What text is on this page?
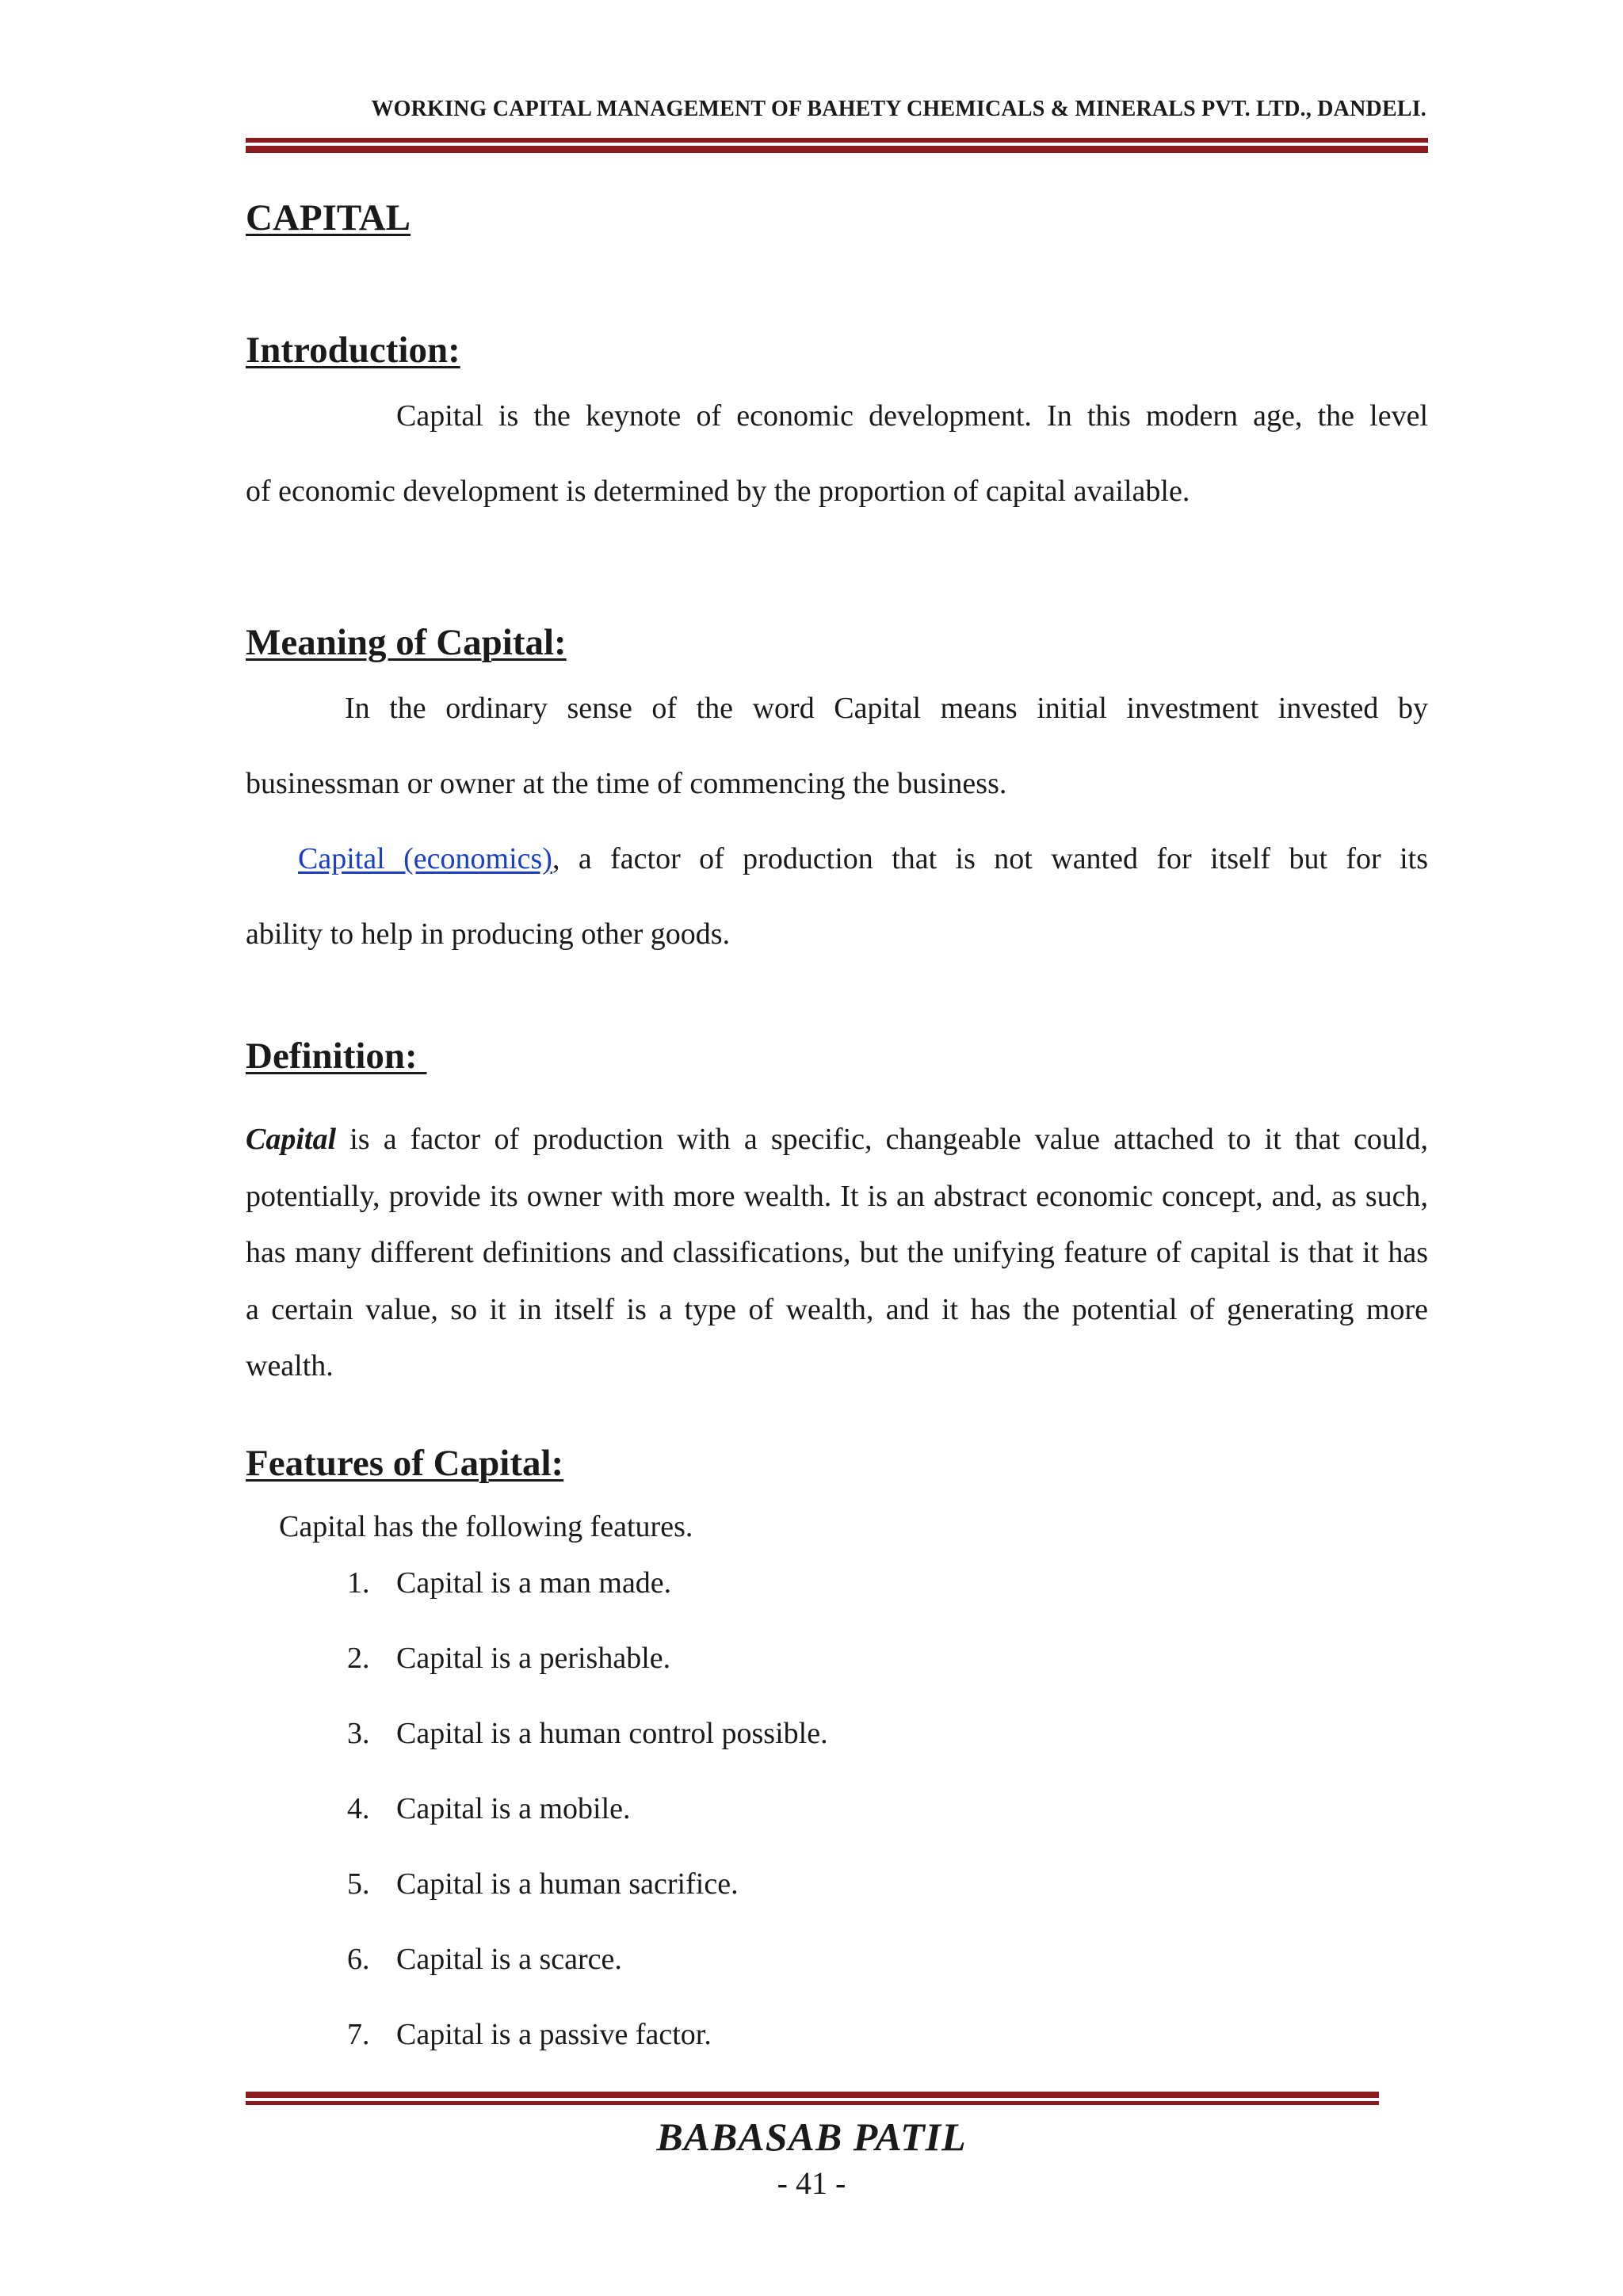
WORKING CAPITAL MANAGEMENT OF BAHETY CHEMICALS & MINERALS PVT. LTD., DANDELI.
CAPITAL
Introduction:
Capital is the keynote of economic development. In this modern age, the level
of economic development is determined by the proportion of capital available.
Meaning of Capital:
In the ordinary sense of the word Capital means initial investment invested by
businessman or owner at the time of commencing the business.
Capital (economics), a factor of production that is not wanted for itself but for its
ability to help in producing other goods.
Definition:
Capital is a factor of production with a specific, changeable value attached to it that could, potentially, provide its owner with more wealth. It is an abstract economic concept, and, as such, has many different definitions and classifications, but the unifying feature of capital is that it has a certain value, so it in itself is a type of wealth, and it has the potential of generating more wealth.
Features of Capital:
Capital has the following features.
1. Capital is a man made.
2. Capital is a perishable.
3. Capital is a human control possible.
4. Capital is a mobile.
5. Capital is a human sacrifice.
6. Capital is a scarce.
7. Capital is a passive factor.
BABASAB PATIL
- 41 -
